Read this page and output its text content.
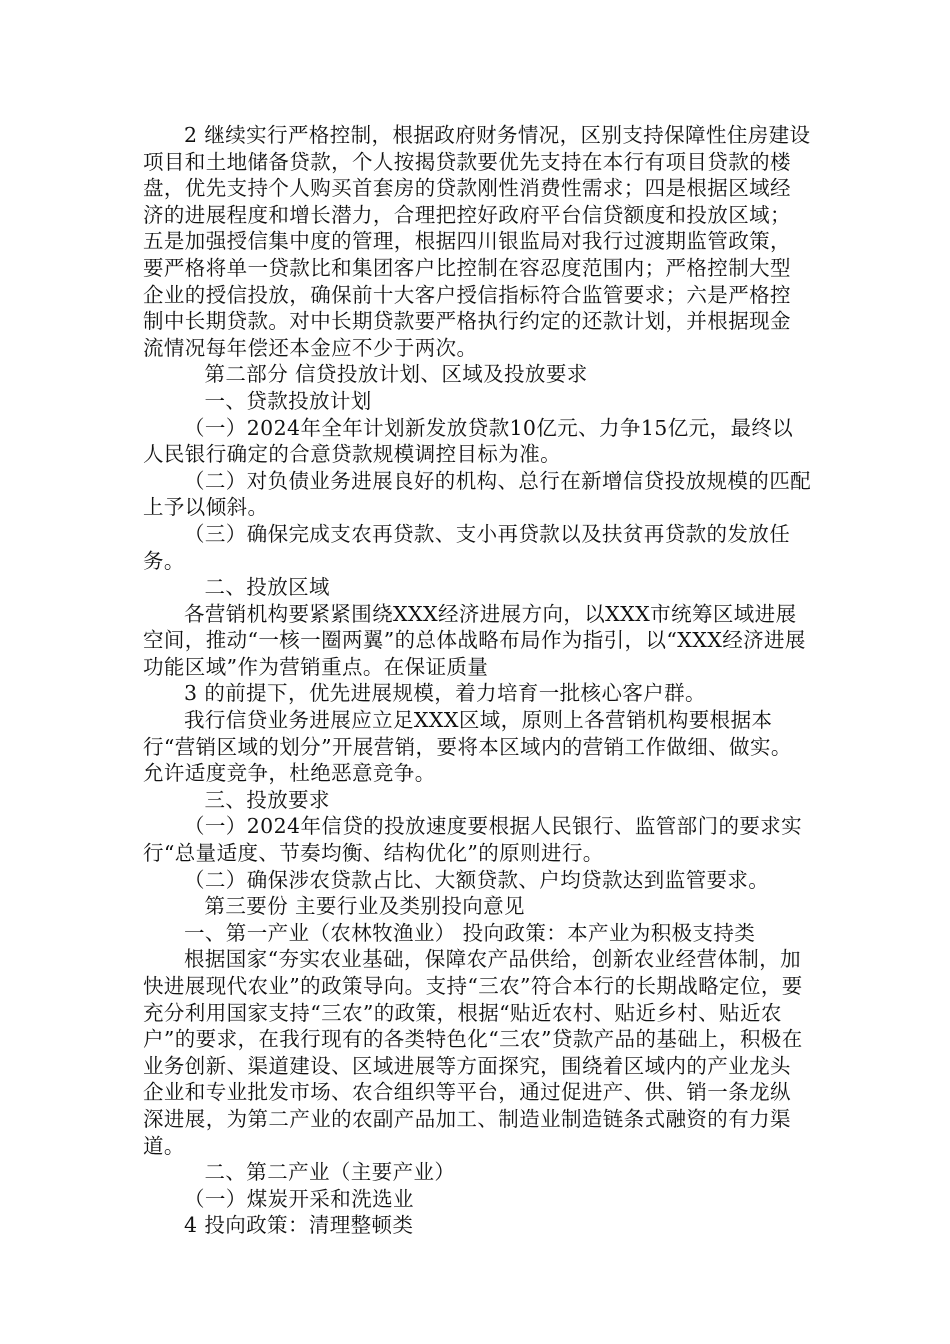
2 继续实行严格控制，根据政府财务情况，区别支持保障性住房建设项目和土地储备贷款，个人按揭贷款要优先支持在本行有项目贷款的楼盘，优先支持个人购买首套房的贷款刚性消费性需求；四是根据区域经济的进展程度和增长潜力，合理把控好政府平台信贷额度和投放区域；五是加强授信集中度的管理，根据四川银监局对我行过渡期监管政策，要严格将单一贷款比和集团客户比控制在容忍度范围内；严格控制大型企业的授信投放，确保前十大客户授信指标符合监管要求；六是严格控制中长期贷款。对中长期贷款要严格执行约定的还款计划，并根据现金流情况每年偿还本金应不少于两次。

第二部分 信贷投放计划、区域及投放要求

一、贷款投放计划

（一）2024年全年计划新发放贷款10亿元、力争15亿元，最终以人民银行确定的合意贷款规模调控目标为准。

（二）对负债业务进展良好的机构、总行在新增信贷投放规模的匹配上予以倾斜。

（三）确保完成支农再贷款、支小再贷款以及扶贫再贷款的发放任务。

二、投放区域

各营销机构要紧紧围绕XXX经济进展方向，以XXX市统筹区域进展空间，推动“一核一圈两翼”的总体战略布局作为指引，以“XXX经济进展功能区域”作为营销重点。在保证质量

3 的前提下，优先进展规模，着力培育一批核心客户群。

我行信贷业务进展应立足XXX区域，原则上各营销机构要根据本行“营销区域的划分”开展营销，要将本区域内的营销工作做细、做实。允许适度竞争，杜绝恶意竞争。

三、投放要求

（一）2024年信贷的投放速度要根据人民银行、监管部门的要求实行“总量适度、节奏均衡、结构优化”的原则进行。

（二）确保涉农贷款占比、大额贷款、户均贷款达到监管要求。

第三要份 主要行业及类别投向意见

一、第一产业（农林牧渔业） 投向政策：本产业为积极支持类

根据国家“夯实农业基础，保障农产品供给，创新农业经营体制，加快进展现代农业”的政策导向。支持“三农”符合本行的长期战略定位，要充分利用国家支持“三农”的政策，根据“贴近农村、贴近乡村、贴近农户”的要求，在我行现有的各类特色化“三农”贷款产品的基础上，积极在业务创新、渠道建设、区域进展等方面探究，围绕着区域内的产业龙头企业和专业批发市场、农合组织等平台，通过促进产、供、销一条龙纵深进展，为第二产业的农副产品加工、制造业制造链条式融资的有力渠道。

二、第二产业（主要产业）

（一）煤炭开采和洗选业

4 投向政策：清理整顿类
